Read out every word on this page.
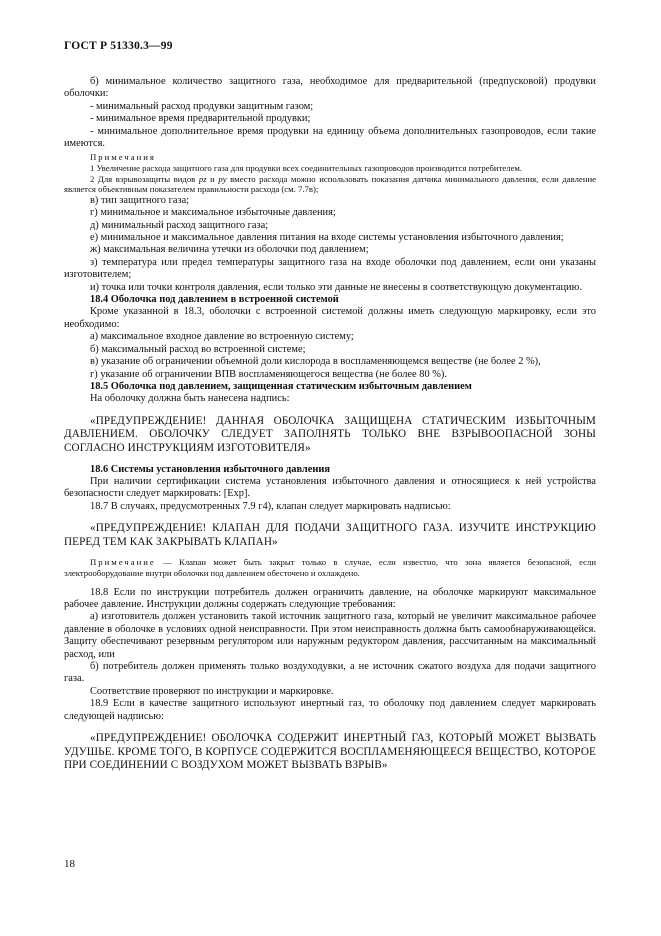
ГОСТ Р 51330.3—99

б) минимальное количество защитного газа, необходимое для предварительной (предпусковой) продувки оболочки:

- минимальный расход продувки защитным газом;

- минимальное время предварительной продувки;

- минимальное дополнительное время продувки на единицу объема дополнительных газопроводов, если такие имеются.

Примечания

1 Увеличение расхода защитного газа для продувки всех соединительных газопроводов производится потребителем.

2 Для взрывозащиты видов pz и py вместо расхода можно использовать показания датчика минимального давления, если давление является объективным показателем правильности расхода (см. 7.7в);

в) тип защитного газа;

г) минимальное и максимальное избыточные давления;

д) минимальный расход защитного газа;

е) минимальное и максимальное давления питания на входе системы установления избыточного давления;

ж) максимальная величина утечки из оболочки под давлением;

з) температура или предел температуры защитного газа на входе оболочки под давлением, если они указаны изготовителем;

и) точка или точки контроля давления, если только эти данные не внесены в соответствующую документацию.

18.4 Оболочка под давлением в встроенной системой

Кроме указанной в 18.3, оболочки с встроенной системой должны иметь следующую маркировку, если это необходимо:

а) максимальное входное давление во встроенную систему;

б) максимальный расход во встроенной системе;

в) указание об ограничении объемной доли кислорода в воспламеняющемся веществе (не более 2 %),

г) указание об ограничении ВПВ воспламеняющегося вещества (не более 80 %).

18.5 Оболочка под давлением, защищенная статическим избыточным давлением

На оболочку должна быть нанесена надпись:

«ПРЕДУПРЕЖДЕНИЕ! ДАННАЯ ОБОЛОЧКА ЗАЩИЩЕНА СТАТИЧЕСКИМ ИЗБЫТОЧНЫМ ДАВЛЕНИЕМ. ОБОЛОЧКУ СЛЕДУЕТ ЗАПОЛНЯТЬ ТОЛЬКО ВНЕ ВЗРЫВООПАСНОЙ ЗОНЫ СОГЛАСНО ИНСТРУКЦИЯМ ИЗГОТОВИТЕЛЯ»

18.6 Системы установления избыточного давления

При наличии сертификации система установления избыточного давления и относящиеся к ней устройства безопасности следует маркировать: [Exp].

18.7 В случаях, предусмотренных 7.9 г4), клапан следует маркировать надписью:

«ПРЕДУПРЕЖДЕНИЕ! КЛАПАН ДЛЯ ПОДАЧИ ЗАЩИТНОГО ГАЗА. ИЗУЧИТЕ ИНСТРУКЦИЮ ПЕРЕД ТЕМ КАК ЗАКРЫВАТЬ КЛАПАН»

Примечание — Клапан может быть закрыт только в случае, если известно, что зона является безопасной, если электрооборудование внутри оболочки под давлением обесточено и охлаждено.

18.8 Если по инструкции потребитель должен ограничить давление, на оболочке маркируют максимальное рабочее давление. Инструкции должны содержать следующие требования:

а) изготовитель должен установить такой источник защитного газа, который не увеличит максимальное рабочее давление в оболочке в условиях одной неисправности. При этом неисправность должна быть самообнаруживающейся. Защиту обеспечивают резервным регулятором или наружным редуктором давления, рассчитанным на максимальный расход, или

б) потребитель должен применять только воздуходувки, а не источник сжатого воздуха для подачи защитного газа.

Соответствие проверяют по инструкции и маркировке.

18.9 Если в качестве защитного используют инертный газ, то оболочку под давлением следует маркировать следующей надписью:

«ПРЕДУПРЕЖДЕНИЕ! ОБОЛОЧКА СОДЕРЖИТ ИНЕРТНЫЙ ГАЗ, КОТОРЫЙ МОЖЕТ ВЫЗВАТЬ УДУШЬЕ. КРОМЕ ТОГО, В КОРПУСЕ СОДЕРЖИТСЯ ВОСПЛАМЕНЯЮЩЕЕСЯ ВЕЩЕСТВО, КОТОРОЕ ПРИ СОЕДИНЕНИИ С ВОЗДУХОМ МОЖЕТ ВЫЗВАТЬ ВЗРЫВ»

18
